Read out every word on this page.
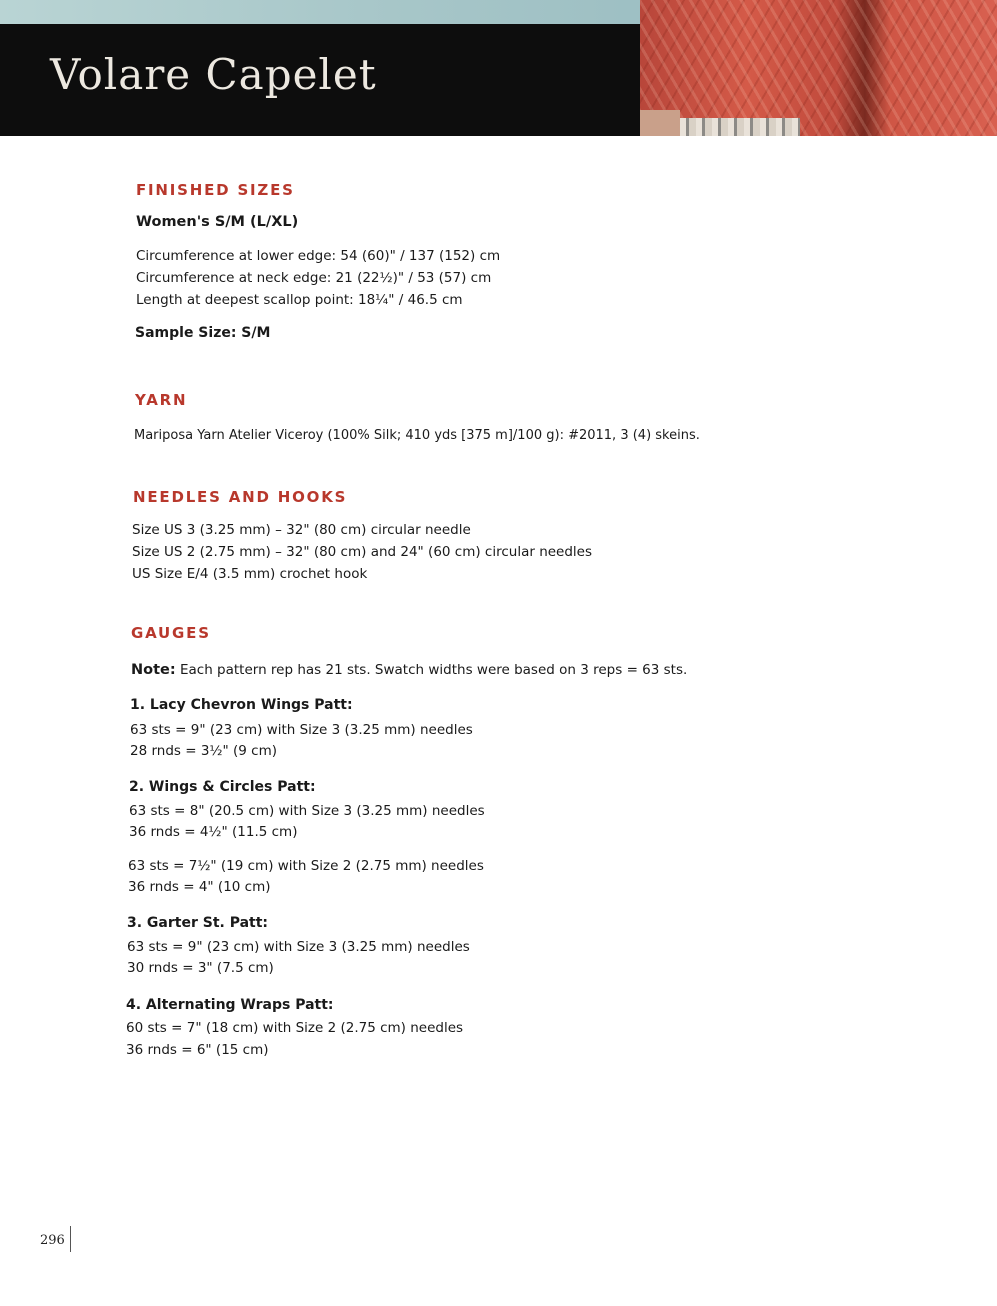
Volare Capelet
FINISHED SIZES

Women's S/M (L/XL)

Circumference at lower edge: 54 (60)" / 137 (152) cm

Circumference at neck edge: 21 (22½)" / 53 (57) cm

Length at deepest scallop point: 18¼" / 46.5 cm

Sample Size: S/M

YARN

Mariposa Yarn Atelier Viceroy (100% Silk; 410 yds [375 m]/100 g): #2011, 3 (4) skeins.

NEEDLES AND HOOKS

Size US 3 (3.25 mm) – 32" (80 cm) circular needle

Size US 2 (2.75 mm) – 32" (80 cm) and 24" (60 cm) circular needles

US Size E/4 (3.5 mm) crochet hook

GAUGES

Note: Each pattern rep has 21 sts. Swatch widths were based on 3 reps = 63 sts.

1. Lacy Chevron Wings Patt:

63 sts = 9" (23 cm) with Size 3 (3.25 mm) needles

28 rnds = 3½" (9 cm)

2. Wings & Circles Patt:

63 sts = 8" (20.5 cm) with Size 3 (3.25 mm) needles

36 rnds = 4½" (11.5 cm)

63 sts = 7½" (19 cm) with Size 2 (2.75 mm) needles

36 rnds = 4" (10 cm)

3. Garter St. Patt:

63 sts = 9" (23 cm) with Size 3 (3.25 mm) needles

30 rnds = 3" (7.5 cm)

4. Alternating Wraps Patt:

60 sts = 7" (18 cm) with Size 2 (2.75 cm) needles

36 rnds = 6" (15 cm)

296
